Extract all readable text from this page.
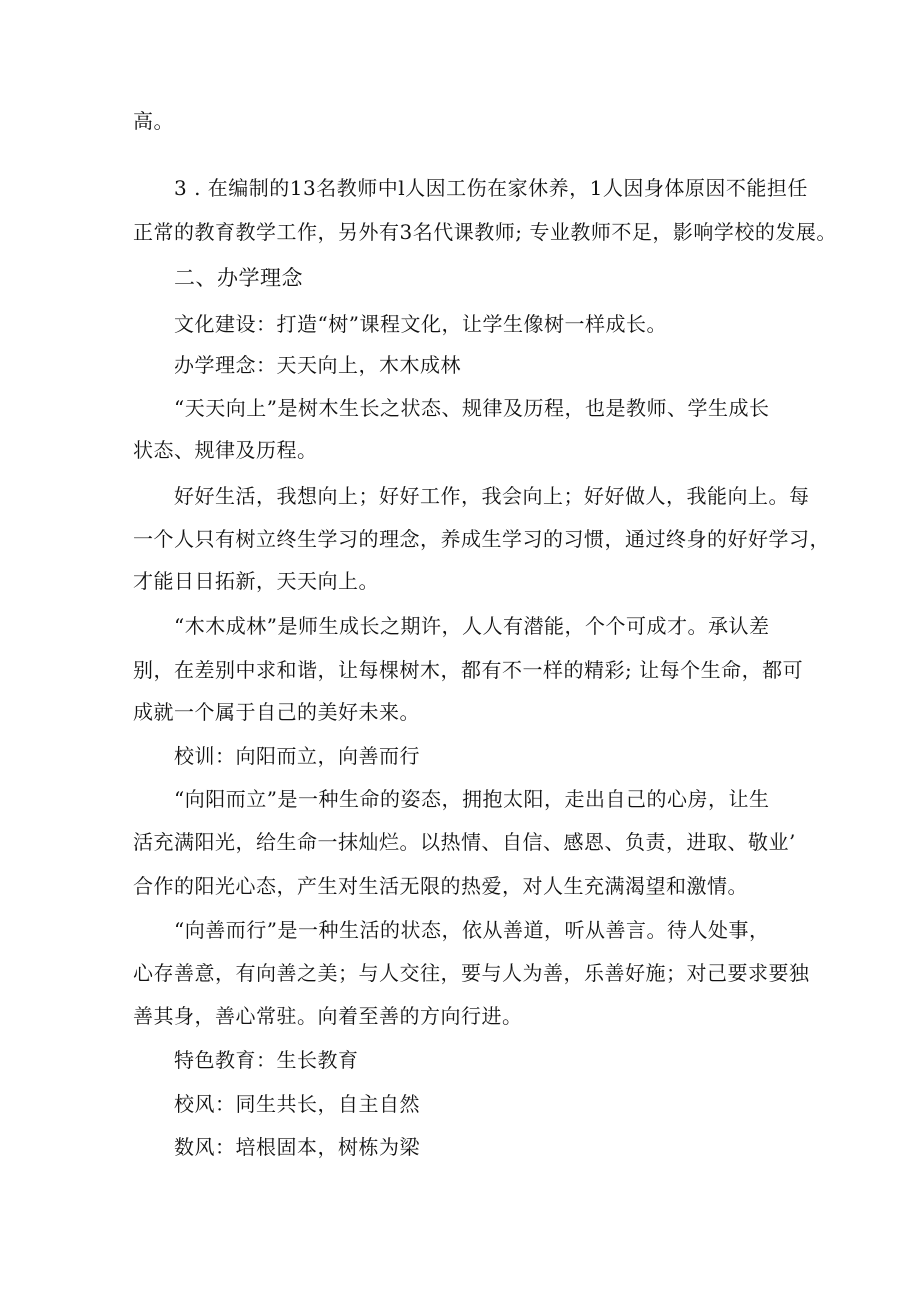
高。
3 . 在编制的13名教师中l人因工伤在家休养，1人因身体原因不能担任
正常的教育教学工作，另外有3名代课教师; 专业教师不足，影响学校的发展。
二、办学理念
文化建设：打造“树”课程文化，让学生像树一样成长。
办学理念：天天向上，木木成林
“天天向上”是树木生长之状态、规律及历程，也是教师、学生成长
状态、规律及历程。
好好生活，我想向上；好好工作，我会向上；好好做人，我能向上。每
一个人只有树立终生学习的理念，养成生学习的习惯，通过终身的好好学习，
才能日日拓新，天天向上。
“木木成林”是师生成长之期许，人人有潜能，个个可成才。承认差
别，在差别中求和谐，让每棵树木，都有不一样的精彩; 让每个生命，都可
成就一个属于自己的美好未来。
校训：向阳而立，向善而行
“向阳而立”是一种生命的姿态，拥抱太阳，走出自己的心房，让生
活充满阳光，给生命一抹灿烂。以热情、自信、感恩、负责，进取、敬业’
合作的阳光心态，产生对生活无限的热爱，对人生充满渴望和激情。
“向善而行”是一种生活的状态，依从善道，听从善言。待人处事，
心存善意，有向善之美；与人交往，要与人为善，乐善好施；对己要求要独
善其身，善心常驻。向着至善的方向行进。
特色教育：生长教育
校风：同生共长，自主自然
数风：培根固本，树栋为梁
